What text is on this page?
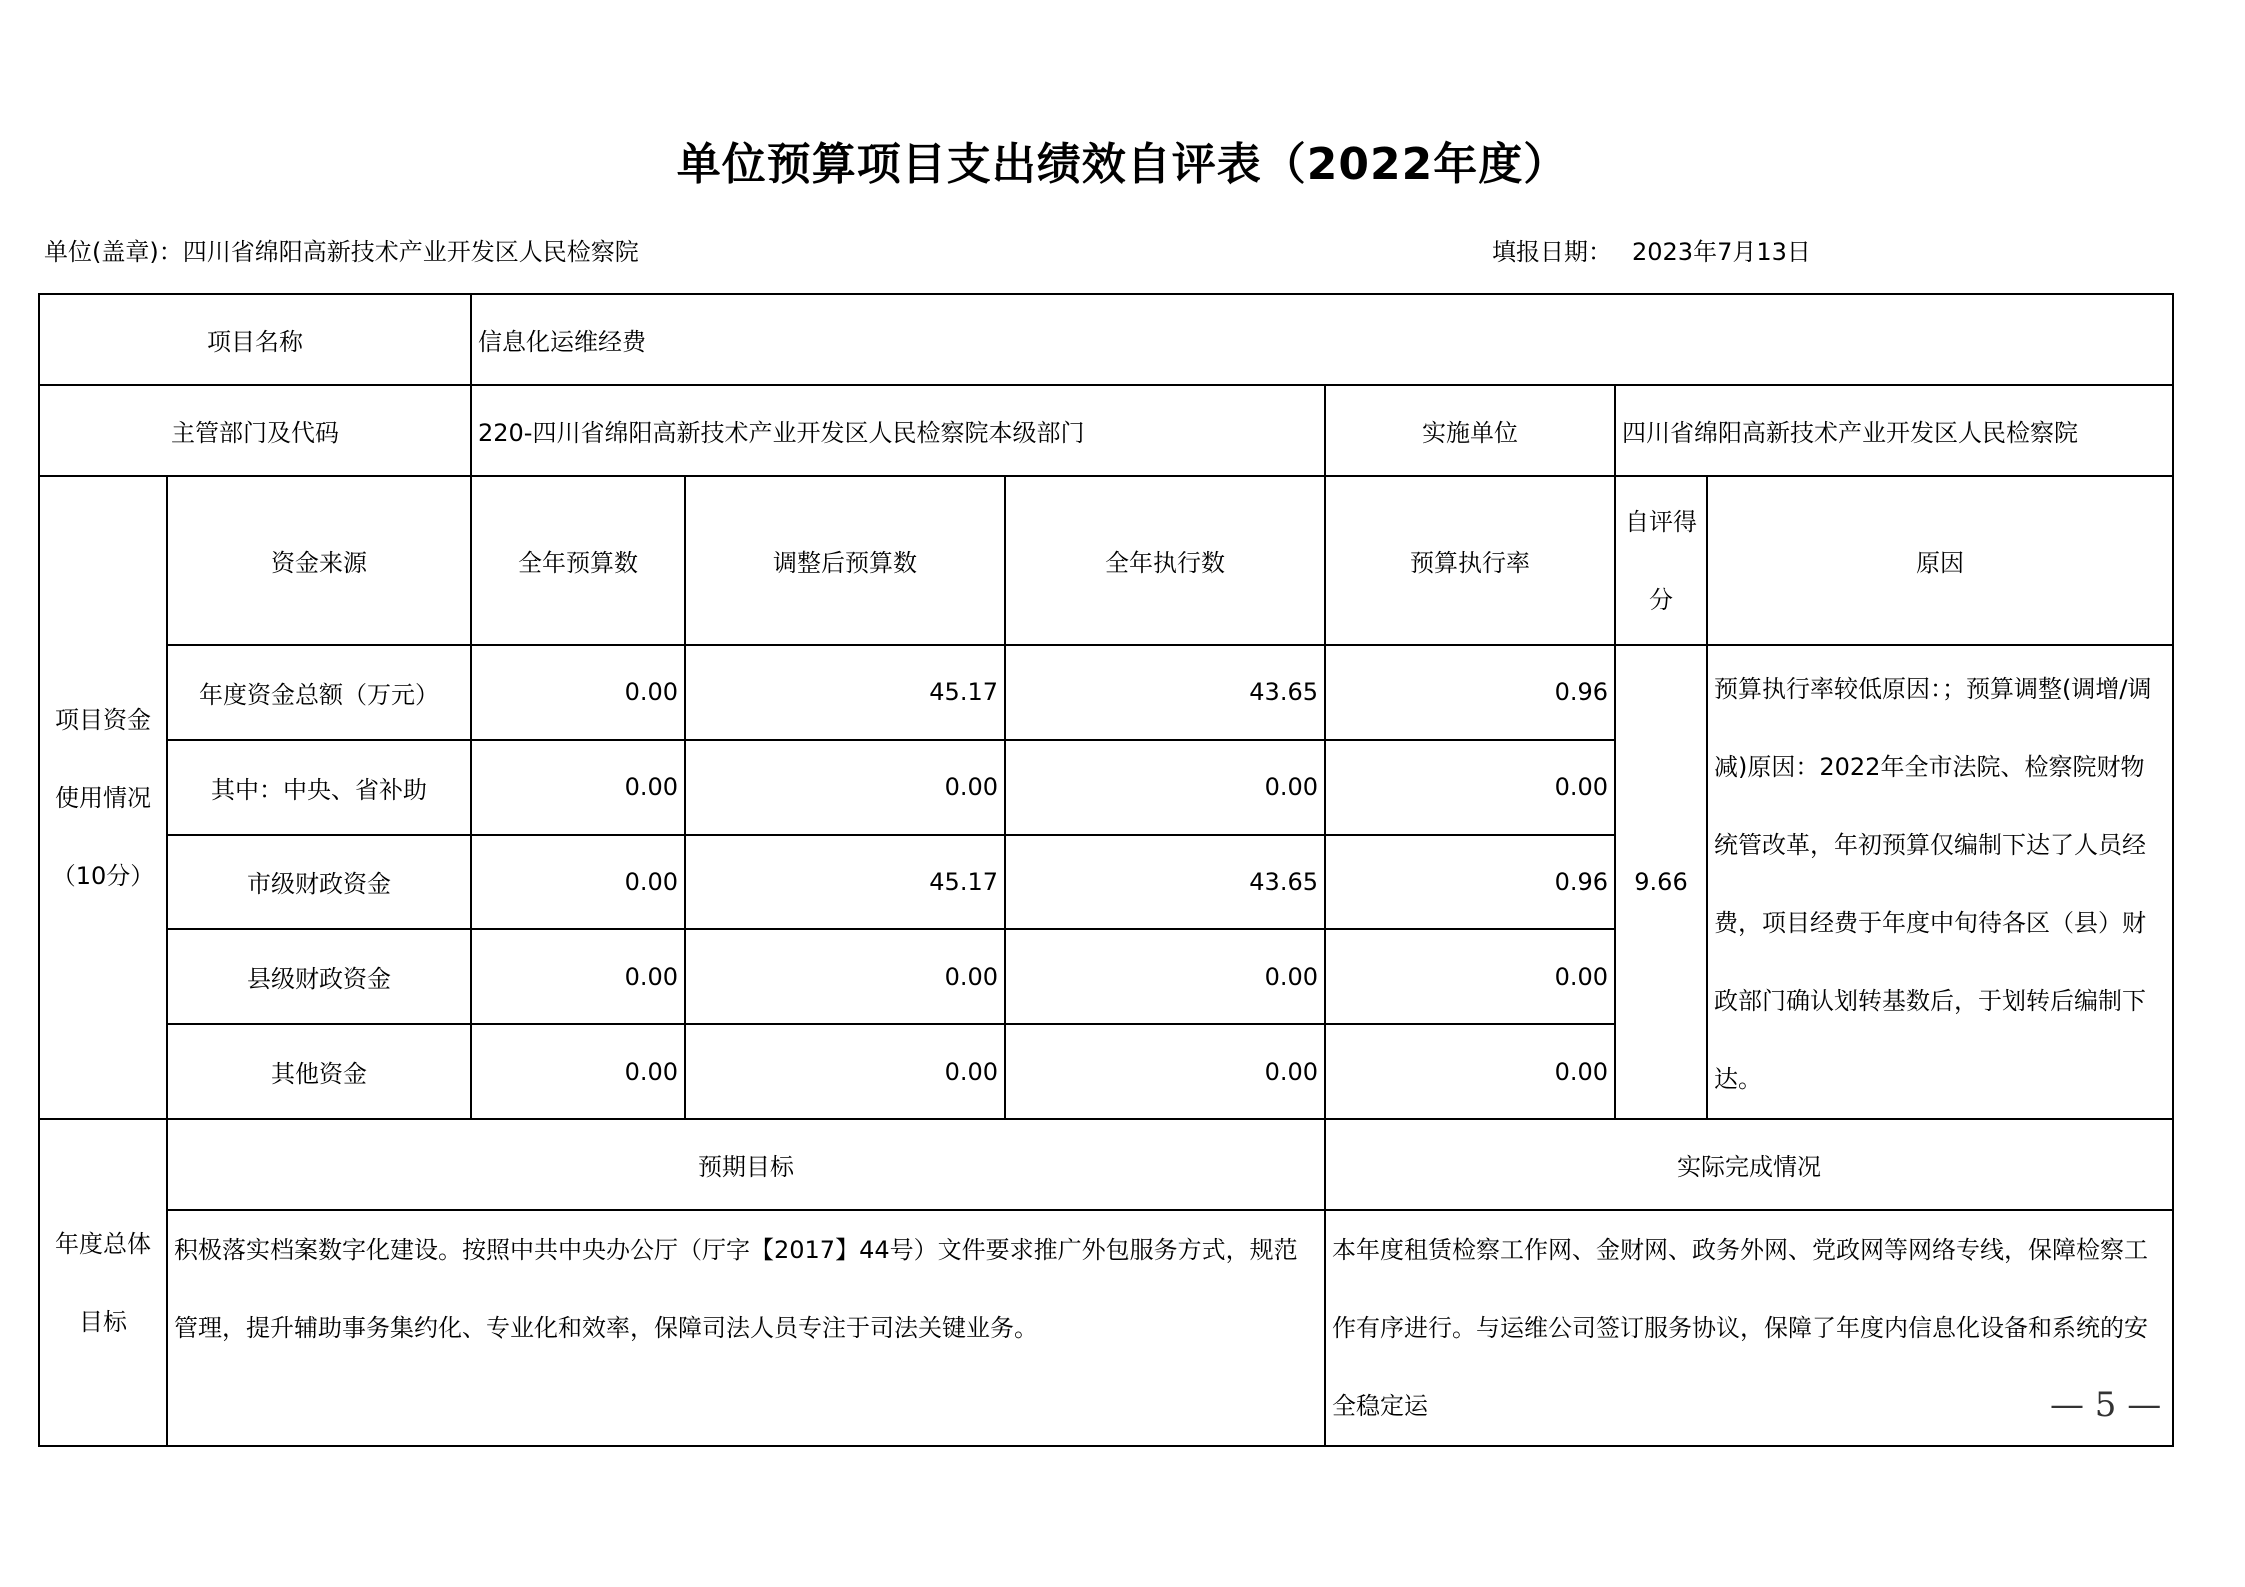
单位预算项目支出绩效自评表（2022年度）
单位(盖章)：四川省绵阳高新技术产业开发区人民检察院	填报日期： 2023年7月13日
项目名称		信息化运维经费					
主管部门及代码		220-四川省绵阳高新技术产业开发区人民检察院本级部门			实施单位	四川省绵阳高新技术产业开发区人民检察院	
项目资金使用情况（10分）	资金来源	全年预算数	调整后预算数	全年执行数	预算执行率	自评得分	原因
	年度资金总额（万元）	0.00	45.17	43.65	0.96	9.66	预算执行率较低原因：；预算调整(调增/调减)原因：2022年全市法院、检察院财物统管改革，年初预算仅编制下达了人员经费，项目经费于年度中旬待各区（县）财政部门确认划转基数后，于划转后编制下达。
	其中：中央、省补助	0.00	0.00	0.00	0.00		
	市级财政资金	0.00	45.17	43.65	0.96		
	县级财政资金	0.00	0.00	0.00	0.00		
	其他资金	0.00	0.00	0.00	0.00		
年度总体目标	预期目标				实际完成情况		
	积极落实档案数字化建设。按照中共中央办公厅（厅字【2017】44号）文件要求推广外包服务方式，规范管理，提升辅助事务集约化、专业化和效率，保障司法人员专注于司法关键业务。				本年度租赁检察工作网、金财网、政务外网、党政网等网络专线，保障检察工作有序进行。与运维公司签订服务协议，保障了年度内信息化设备和系统的安全稳定运			— 5 —
